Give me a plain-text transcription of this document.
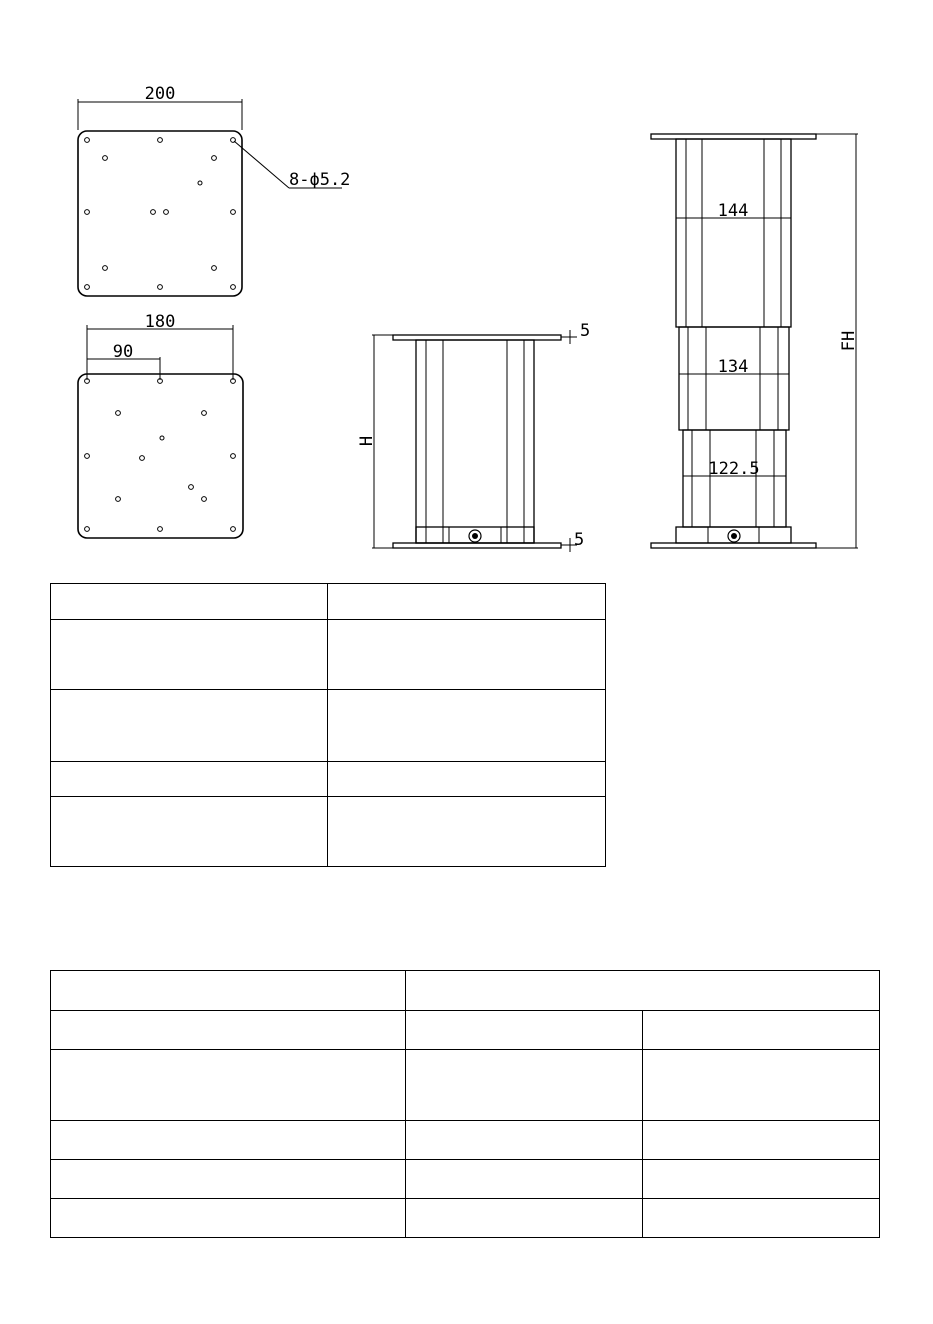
200
8-ϕ5.2
180
90
H
5
5
144
134
122.5
FH
